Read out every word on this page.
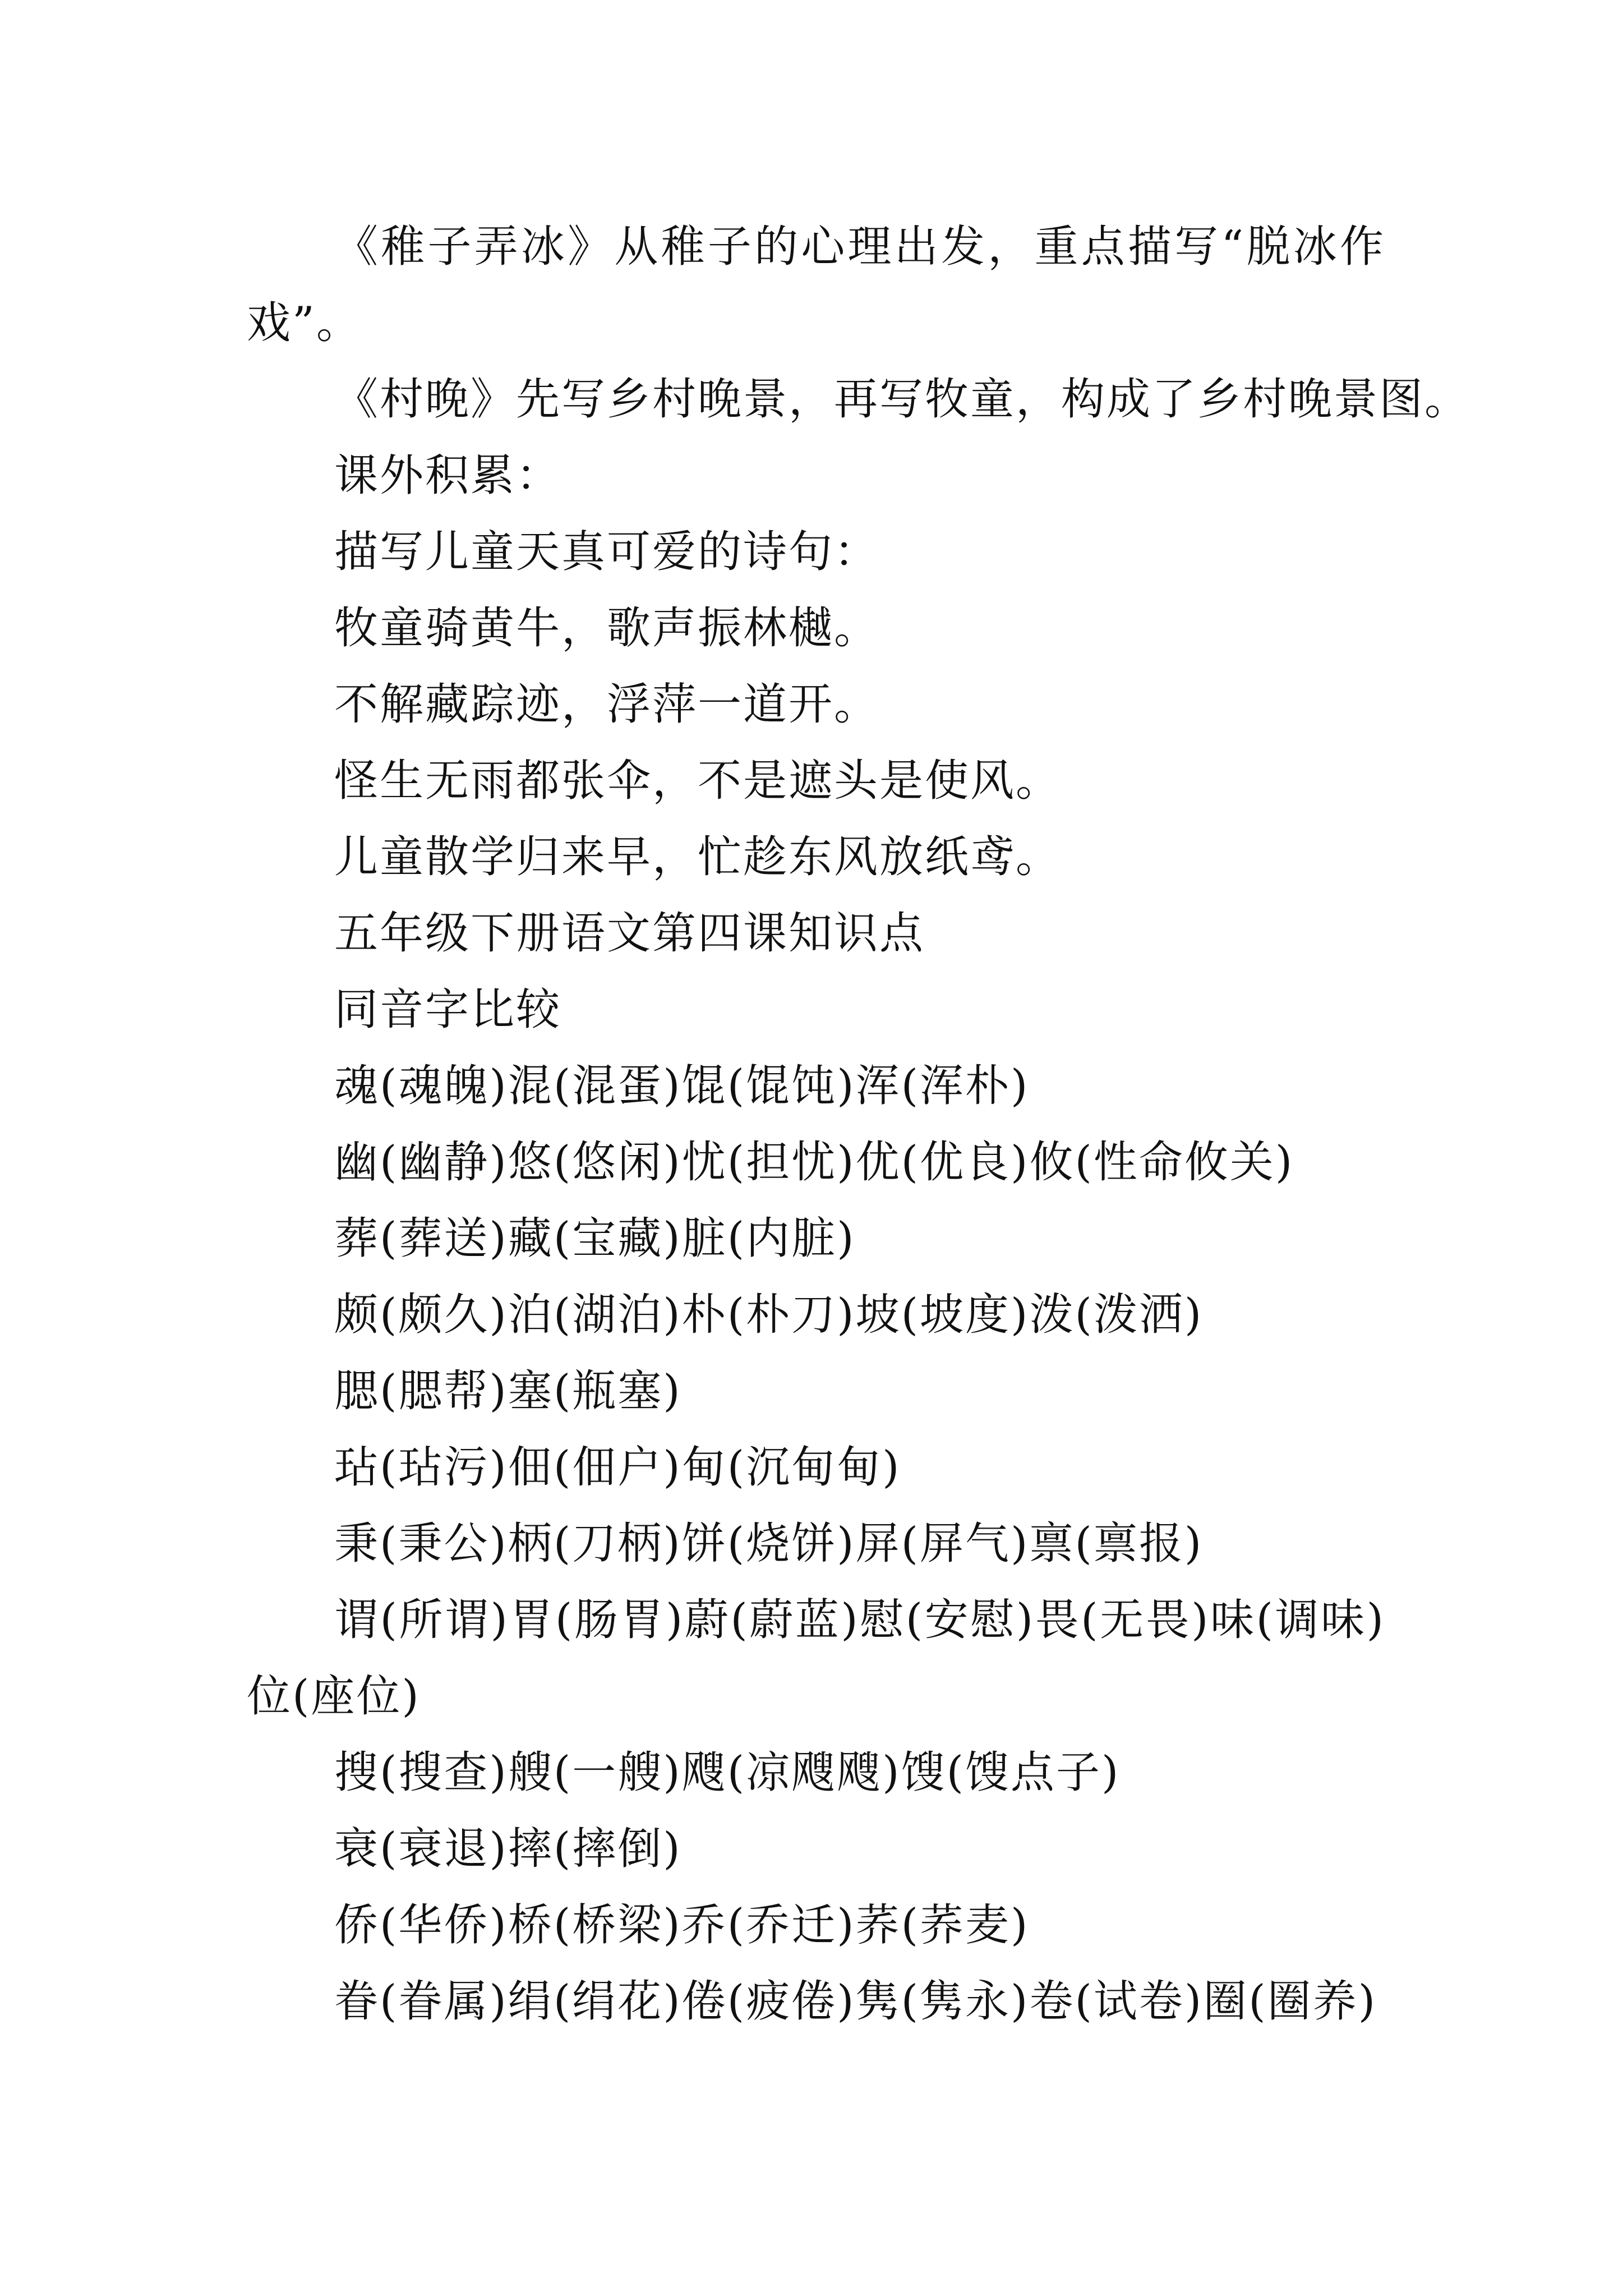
《稚子弄冰》从稚子的心理出发，重点描写“脱冰作戏”。

《村晚》先写乡村晚景，再写牧童，构成了乡村晚景图。

课外积累：

描写儿童天真可爱的诗句：

牧童骑黄牛，歌声振林樾。

不解藏踪迹，浮萍一道开。

怪生无雨都张伞，不是遮头是使风。

儿童散学归来早，忙趁东风放纸鸢。

五年级下册语文第四课知识点

同音字比较

魂(魂魄)混(混蛋)馄(馄饨)浑(浑朴)

幽(幽静)悠(悠闲)忧(担忧)优(优良)攸(性命攸关)

葬(葬送)藏(宝藏)脏(内脏)

颇(颇久)泊(湖泊)朴(朴刀)坡(坡度)泼(泼洒)

腮(腮帮)塞(瓶塞)

玷(玷污)佃(佃户)甸(沉甸甸)

秉(秉公)柄(刀柄)饼(烧饼)屏(屏气)禀(禀报)

谓(所谓)胃(肠胃)蔚(蔚蓝)慰(安慰)畏(无畏)味(调味)位(座位)

搜(搜查)艘(一艘)飕(凉飕飕)馊(馊点子)

衰(衰退)摔(摔倒)

侨(华侨)桥(桥梁)乔(乔迁)荞(荞麦)

眷(眷属)绢(绢花)倦(疲倦)隽(隽永)卷(试卷)圈(圈养)
